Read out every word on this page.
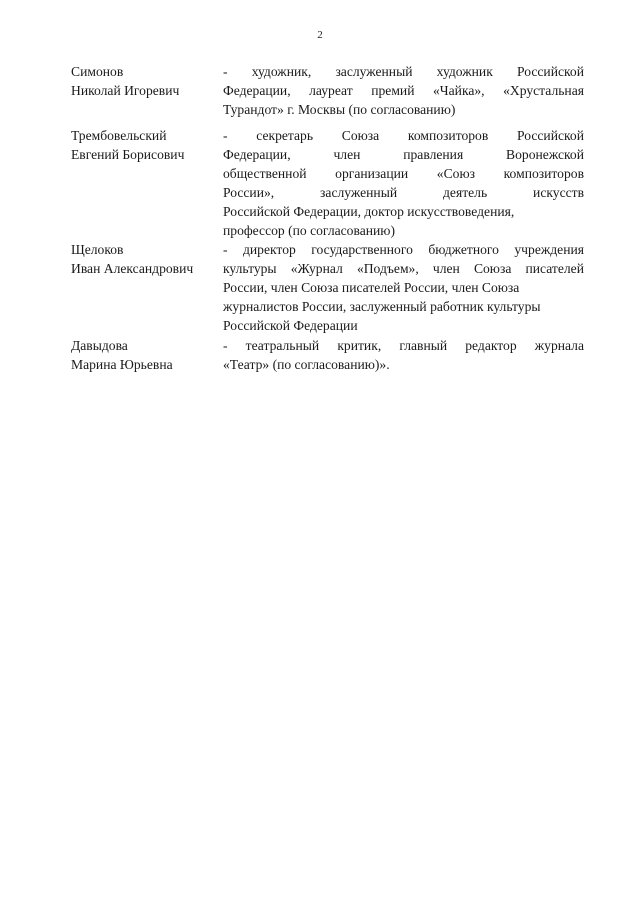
2
Симонов
Николай Игоревич
- художник, заслуженный художник Российской
Федерации, лауреат премий «Чайка», «Хрустальная
Турандот» г. Москвы (по согласованию)
Трембовельский
Евгений Борисович
- секретарь Союза композиторов Российской
Федерации, член правления Воронежской
общественной организации «Союз композиторов
России», заслуженный деятель искусств
Российской Федерации, доктор искусствоведения,
профессор (по согласованию)
Щелоков
Иван Александрович
- директор государственного бюджетного учреждения
культуры «Журнал «Подъем», член Союза писателей
России, член Союза писателей России, член Союза
журналистов России, заслуженный работник культуры
Российской Федерации
Давыдова
Марина Юрьевна
- театральный критик, главный редактор журнала
«Театр» (по согласованию)».
